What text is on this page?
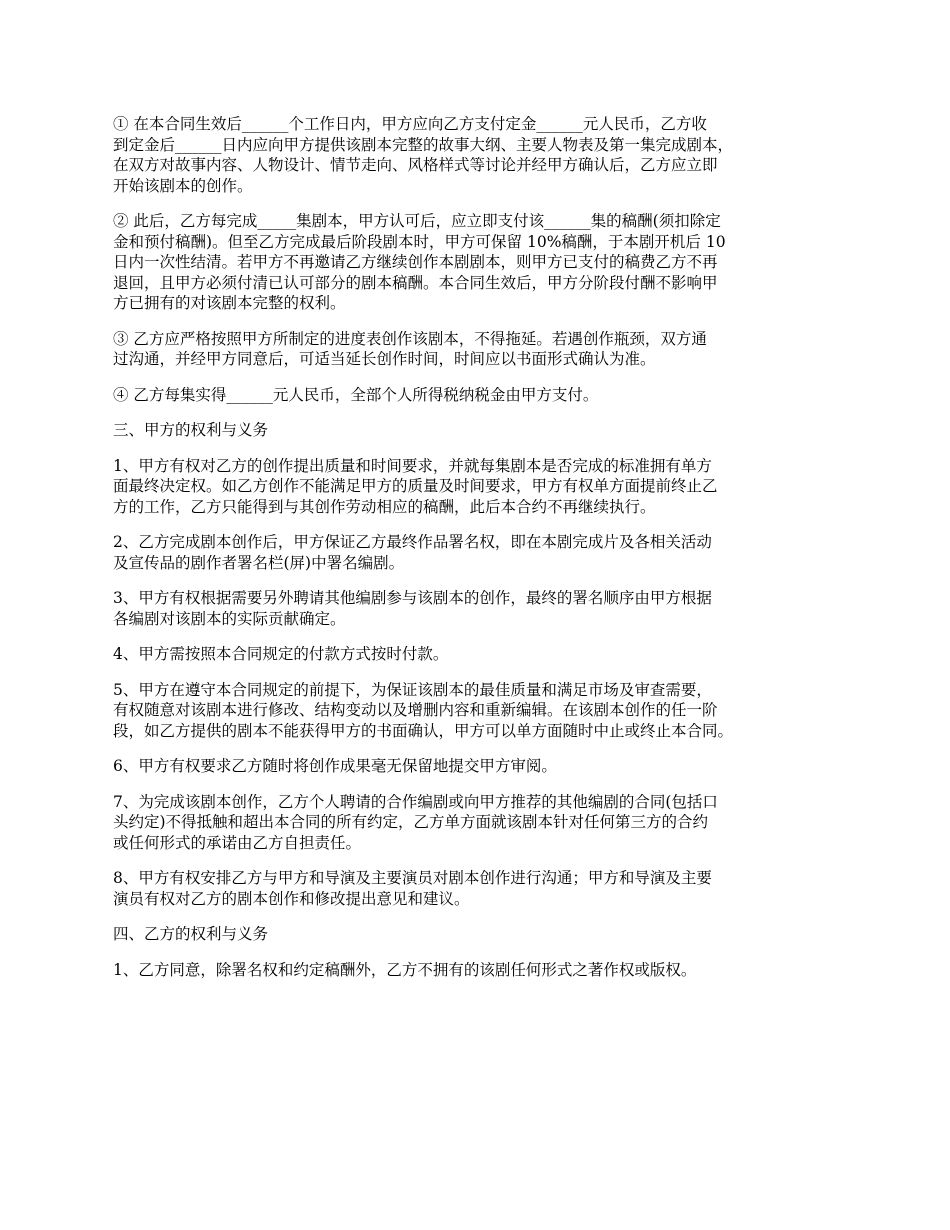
① 在本合同生效后______个工作日内，甲方应向乙方支付定金______元人民币，乙方收
到定金后______日内应向甲方提供该剧本完整的故事大纲、主要人物表及第一集完成剧本，
在双方对故事内容、人物设计、情节走向、风格样式等讨论并经甲方确认后，乙方应立即
开始该剧本的创作。

② 此后，乙方每完成_____集剧本，甲方认可后，应立即支付该______集的稿酬(须扣除定
金和预付稿酬)。但至乙方完成最后阶段剧本时，甲方可保留 10%稿酬，于本剧开机后 10
日内一次性结清。若甲方不再邀请乙方继续创作本剧剧本，则甲方已支付的稿费乙方不再
退回，且甲方必须付清已认可部分的剧本稿酬。本合同生效后，甲方分阶段付酬不影响甲
方已拥有的对该剧本完整的权利。

③ 乙方应严格按照甲方所制定的进度表创作该剧本，不得拖延。若遇创作瓶颈，双方通
过沟通，并经甲方同意后，可适当延长创作时间，时间应以书面形式确认为准。

④ 乙方每集实得______元人民币，全部个人所得税纳税金由甲方支付。

三、甲方的权利与义务

1、甲方有权对乙方的创作提出质量和时间要求，并就每集剧本是否完成的标准拥有单方
面最终决定权。如乙方创作不能满足甲方的质量及时间要求，甲方有权单方面提前终止乙
方的工作，乙方只能得到与其创作劳动相应的稿酬，此后本合约不再继续执行。

2、乙方完成剧本创作后，甲方保证乙方最终作品署名权，即在本剧完成片及各相关活动
及宣传品的剧作者署名栏(屏)中署名编剧。

3、甲方有权根据需要另外聘请其他编剧参与该剧本的创作，最终的署名顺序由甲方根据
各编剧对该剧本的实际贡献确定。

4、甲方需按照本合同规定的付款方式按时付款。

5、甲方在遵守本合同规定的前提下，为保证该剧本的最佳质量和满足市场及审查需要，
有权随意对该剧本进行修改、结构变动以及增删内容和重新编辑。在该剧本创作的任一阶
段，如乙方提供的剧本不能获得甲方的书面确认，甲方可以单方面随时中止或终止本合同。

6、甲方有权要求乙方随时将创作成果毫无保留地提交甲方审阅。

7、为完成该剧本创作，乙方个人聘请的合作编剧或向甲方推荐的其他编剧的合同(包括口
头约定)不得抵触和超出本合同的所有约定，乙方单方面就该剧本针对任何第三方的合约
或任何形式的承诺由乙方自担责任。

8、甲方有权安排乙方与甲方和导演及主要演员对剧本创作进行沟通；甲方和导演及主要
演员有权对乙方的剧本创作和修改提出意见和建议。

四、乙方的权利与义务

1、乙方同意，除署名权和约定稿酬外，乙方不拥有的该剧任何形式之著作权或版权。
